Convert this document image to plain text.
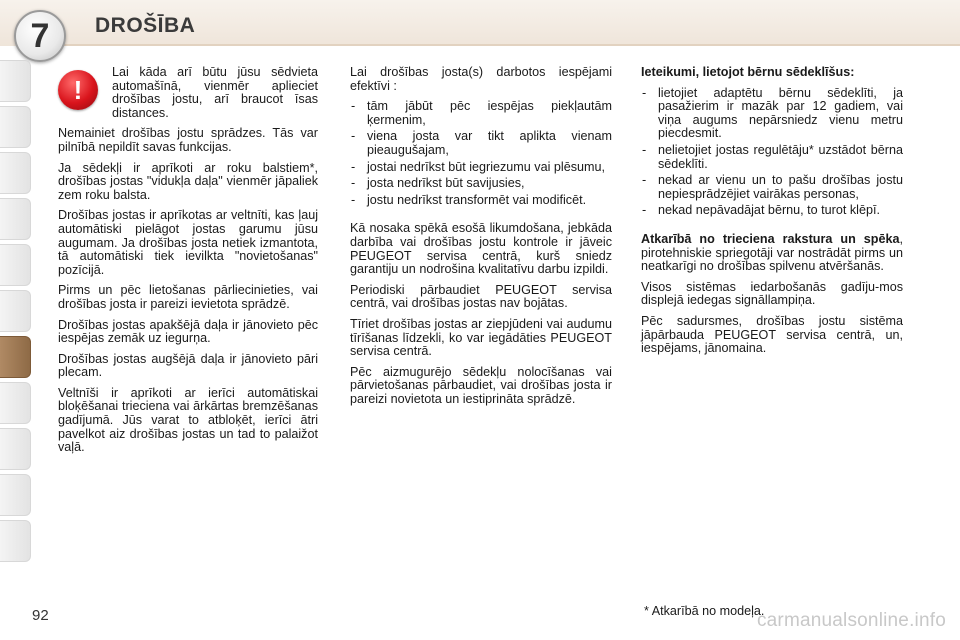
7 DROŠĪBA
!

Lai kāda arī būtu jūsu sēdvieta automašīnā, vienmēr aplieciet drošības jostu, arī braucot īsas distances.

Nemainiet drošības jostu sprādzes. Tās var pilnībā nepildīt savas funkcijas.

Ja sēdekļi ir aprīkoti ar roku balstiem*, drošības jostas "vidukļa daļa" vienmēr jāpaliek zem roku balsta.

Drošības jostas ir aprīkotas ar veltnīti, kas ļauj automātiski pielāgot jostas garumu jūsu augumam. Ja drošības josta netiek izmantota, tā automātiski tiek ievilkta "novietošanas" pozīcijā.

Pirms un pēc lietošanas pārliecinieties, vai drošības josta ir pareizi ievietota sprādzē.

Drošības jostas apakšējā daļa ir jānovieto pēc iespējas zemāk uz iegurņa.

Drošības jostas augšējā daļa ir jānovieto pāri plecam.

Veltnīši ir aprīkoti ar ierīci automātiskai bloķēšanai trieciena vai ārkārtas bremzēšanas gadījumā. Jūs varat to atbloķēt, ierīci ātri pavelkot aiz drošības jostas un tad to palaižot vaļā.

Lai drošības josta(s) darbotos iespējami efektīvi :

- tām jābūt pēc iespējas piekļautām ķermenim,
- viena josta var tikt aplikta vienam pieaugušajam,
- jostai nedrīkst būt iegriezumu vai plēsumu,
- josta nedrīkst būt savijusies,
- jostu nedrīkst transformēt vai modificēt.

Kā nosaka spēkā esošā likumdošana, jebkāda darbība vai drošības jostu kontrole ir jāveic PEUGEOT servisa centrā, kurš sniedz garantiju un nodrošina kvalitatīvu darbu izpildi.

Periodiski pārbaudiet PEUGEOT servisa centrā, vai drošības jostas nav bojātas.

Tīriet drošības jostas ar ziepjūdeni vai audumu tīrīšanas līdzekli, ko var iegādāties PEUGEOT servisa centrā.

Pēc aizmugurējo sēdekļu nolocīšanas vai pārvietošanas pārbaudiet, vai drošības josta ir pareizi novietota un iestiprināta sprādzē.

Ieteikumi, lietojot bērnu sēdeklīšus:

- lietojiet adaptētu bērnu sēdeklīti, ja pasažierim ir mazāk par 12 gadiem, vai viņa augums nepārsniedz vienu metru piecdesmit.
- nelietojiet jostas regulētāju* uzstādot bērna sēdeklīti.
- nekad ar vienu un to pašu drošības jostu nepiesprādzējiet vairākas personas,
- nekad nepāvadājat bērnu, to turot klēpī.

Atkarībā no trieciena rakstura un spēka, pirotehniskie spriegotāji var nostrādāt pirms un neatkarīgi no drošības spilvenu atvēršanās.

Visos sistēmas iedarbošanās gadīju-mos displejā iedegas signāllampiņa.

Pēc sadursmes, drošības jostu sistēma jāpārbauda PEUGEOT servisa centrā, un, iespējams, jānomaina.

92	* Atkarībā no modeļa.
carmanualsonline.info
